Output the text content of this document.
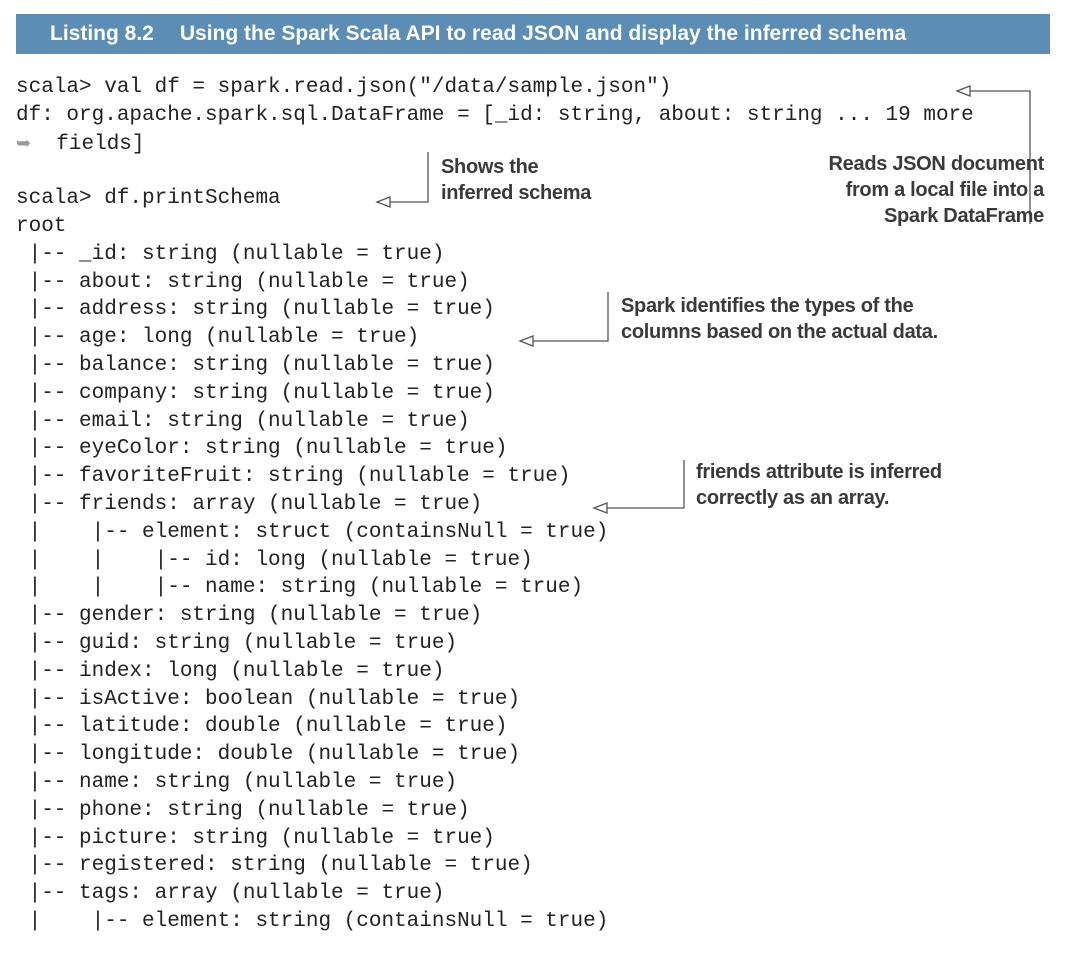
Listing 8.2 Using the Spark Scala API to read JSON and display the inferred schema
scala> val df = spark.read.json("/data/sample.json")
df: org.apache.spark.sql.DataFrame = [_id: string, about: string ... 19 more
➥  fields]
scala> df.printSchema
root
|-- _id: string (nullable = true)
|-- about: string (nullable = true)
|-- address: string (nullable = true)
|-- age: long (nullable = true)
|-- balance: string (nullable = true)
|-- company: string (nullable = true)
|-- email: string (nullable = true)
|-- eyeColor: string (nullable = true)
|-- favoriteFruit: string (nullable = true)
|-- friends: array (nullable = true)
|    |-- element: struct (containsNull = true)
|    |    |-- id: long (nullable = true)
|    |    |-- name: string (nullable = true)
|-- gender: string (nullable = true)
|-- guid: string (nullable = true)
|-- index: long (nullable = true)
|-- isActive: boolean (nullable = true)
|-- latitude: double (nullable = true)
|-- longitude: double (nullable = true)
|-- name: string (nullable = true)
|-- phone: string (nullable = true)
|-- picture: string (nullable = true)
|-- registered: string (nullable = true)
|-- tags: array (nullable = true)
|    |-- element: string (containsNull = true)
Shows the
inferred schema
Reads JSON document
from a local file into a
Spark DataFrame
Spark identifies the types of the
columns based on the actual data.
friends attribute is inferred
correctly as an array.
